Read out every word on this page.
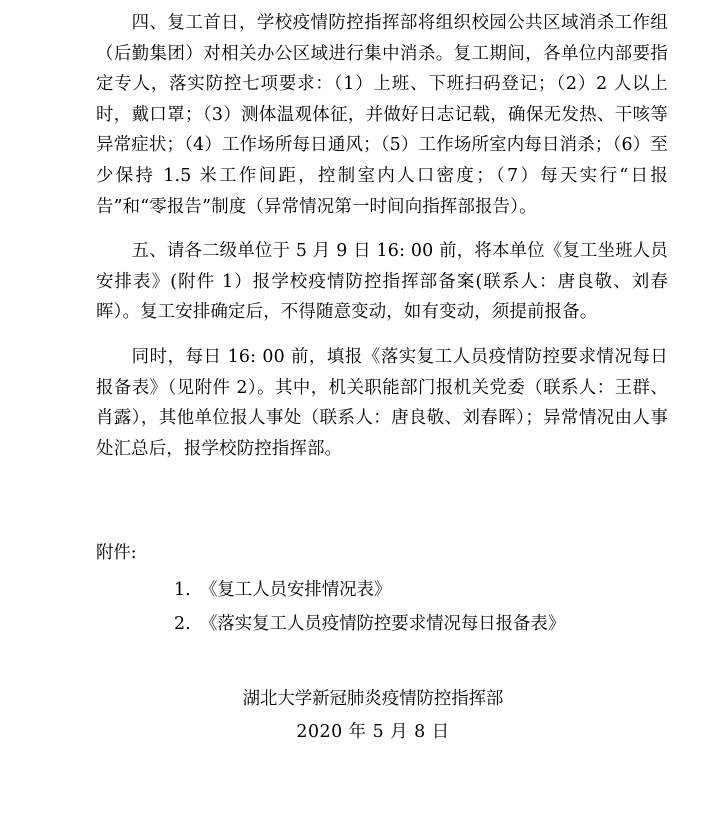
四、复工首日，学校疫情防控指挥部将组织校园公共区域消杀工作组（后勤集团）对相关办公区域进行集中消杀。复工期间，各单位内部要指定专人，落实防控七项要求：（1）上班、下班扫码登记；（2）2 人以上时，戴口罩；（3）测体温观体征，并做好日志记载，确保无发热、干咳等异常症状；（4）工作场所每日通风；（5）工作场所室内每日消杀；（6）至少保持 1.5 米工作间距，控制室内人口密度；（7）每天实行“日报告”和“零报告”制度（异常情况第一时间向指挥部报告）。

五、请各二级单位于 5 月 9 日 16: 00 前，将本单位《复工坐班人员安排表》(附件 1）报学校疫情防控指挥部备案(联系人：唐良敬、刘春晖）。复工安排确定后，不得随意变动，如有变动，须提前报备。

同时，每日 16: 00 前，填报《落实复工人员疫情防控要求情况每日报备表》（见附件 2）。其中，机关职能部门报机关党委（联系人：王群、肖露），其他单位报人事处（联系人：唐良敬、刘春晖）；异常情况由人事处汇总后，报学校防控指挥部。

附件:

1. 《复工人员安排情况表》
2. 《落实复工人员疫情防控要求情况每日报备表》
湖北大学新冠肺炎疫情防控指挥部
2020 年 5 月 8 日
